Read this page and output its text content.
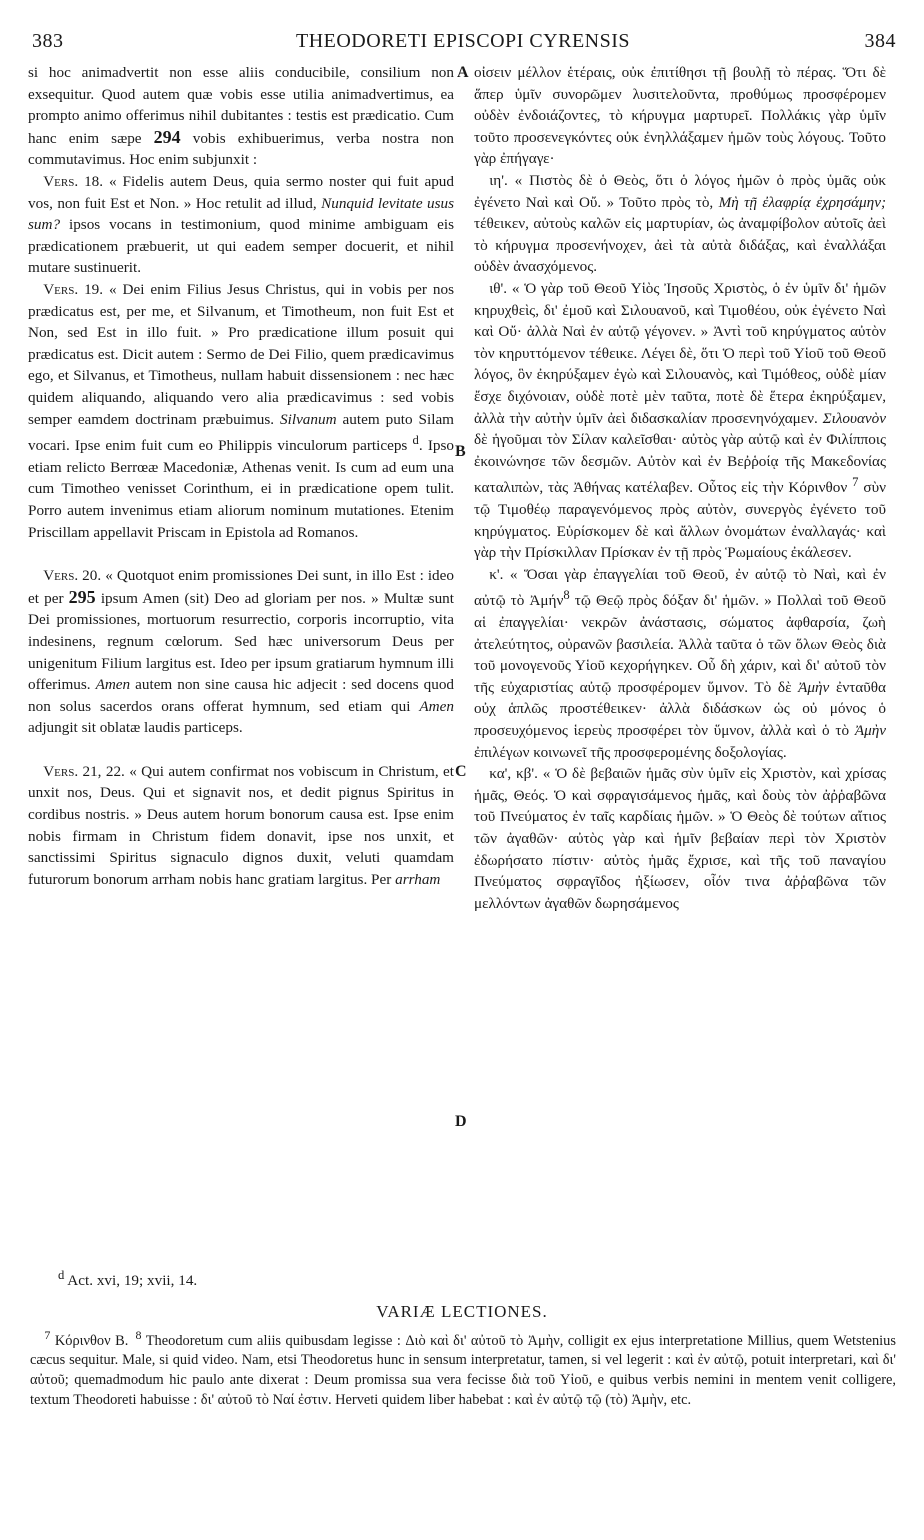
383	THEODORETI EPISCOPI CYRENSIS	384
A
B
C
D

si hoc animadvertit non esse aliis conducibile, consilium non exsequitur. Quod autem quæ vobis esse utilia animadvertimus, ea prompto animo offerimus nihil dubitantes : testis est prædicatio. Cum hanc enim sæpe 294 vobis exhibuerimus, verba nostra non commutavimus. Hoc enim subjunxit :

 Vers. 18. « Fidelis autem Deus, quia sermo noster qui fuit apud vos, non fuit Est et Non. » Hoc retulit ad illud, Nunquid levitate usus sum? ipsos vocans in testimonium, quod minime ambiguam eis prædicationem præbuerit, ut qui eadem semper docuerit, et nihil mutare sustinuerit.

 Vers. 19. « Dei enim Filius Jesus Christus, qui in vobis per nos prædicatus est, per me, et Silvanum, et Timotheum, non fuit Est et Non, sed Est in illo fuit. » Pro prædicatione illum posuit qui prædicatus est. Dicit autem : Sermo de Dei Filio, quem prædicavimus ego, et Silvanus, et Timotheus, nullam habuit dissensionem : nec hæc quidem aliquando, aliquando vero alia prædicavimus : sed vobis semper eamdem doctrinam præbuimus. Silvanum autem puto Silam vocari. Ipse enim fuit cum eo Philippis vinculorum particeps $^d$. Ipso etiam relicto Berrœæ Macedoniæ, Athenas venit. Is cum ad eum una cum Timotheo venisset Corinthum, ei in prædicatione opem tulit. Porro autem invenimus etiam aliorum nominum mutationes. Etenim Priscillam appellavit Priscam in Epistola ad Romanos.

 Vers. 20. « Quotquot enim promissiones Dei sunt, in illo Est : ideo et per 295 ipsum Amen (sit) Deo ad gloriam per nos. » Multæ sunt Dei promissiones, mortuorum resurrectio, corporis incorruptio, vita indesinens, regnum cœlorum. Sed hæc universorum Deus per unigenitum Filium largitus est. Ideo per ipsum gratiarum hymnum illi offerimus. Amen autem non sine causa hic adjecit : sed docens quod non solus sacerdos orans offerat hymnum, sed etiam qui Amen adjungit sit oblatæ laudis particeps.

 Vers. 21, 22. « Qui autem confirmat nos vobiscum in Christum, et unxit nos, Deus. Qui et signavit nos, et dedit pignus Spiritus in cordibus nostris. » Deus autem horum bonorum causa est. Ipse enim nobis firmam in Christum fidem donavit, ipse nos unxit, et sanctissimi Spiritus signaculo dignos duxit, veluti quamdam futurorum bonorum arrham nobis hanc gratiam largitus. Per arrham

οἰσειν μέλλον ἑτέραις, οὐκ ἐπιτίθησι τῇ βουλῇ τὸ πέρας. Ὅτι δὲ ἅπερ ὑμῖν συνορῶμεν λυσιτελοῦντα, προθύμως προσφέρομεν οὐδὲν ἐνδοιάζοντες, τὸ κήρυγμα μαρτυρεῖ. Πολλάκις γὰρ ὑμῖν τοῦτο προσενεγκόντες οὐκ ἐνηλλάξαμεν ἡμῶν τοὺς λόγους. Τοῦτο γὰρ ἐπήγαγε·

 ιη'. « Πιστὸς δὲ ὁ Θεὸς, ὅτι ὁ λόγος ἡμῶν ὁ πρὸς ὑμᾶς οὐκ ἐγένετο Ναὶ καὶ Οὔ. » Τοῦτο πρὸς τὸ, Μὴ τῇ ἐλαφρίᾳ ἐχρησάμην; τέθεικεν, αὐτοὺς καλῶν εἰς μαρτυρίαν, ὡς ἀναμφίβολον αὐτοῖς ἀεὶ τὸ κήρυγμα προσενήνοχεν, ἀεὶ τὰ αὐτὰ διδάξας, καὶ ἐναλλάξαι οὐδὲν ἀνασχόμενος.

 ιθ'. « Ὁ γὰρ τοῦ Θεοῦ Υἱὸς Ἰησοῦς Χριστὸς, ὁ ἐν ὑμῖν δι' ἡμῶν κηρυχθεὶς, δι' ἐμοῦ καὶ Σιλουανοῦ, καὶ Τιμοθέου, οὐκ ἐγένετο Ναὶ καὶ Οὔ· ἀλλὰ Ναὶ ἐν αὐτῷ γέγονεν. » Ἀντὶ τοῦ κηρύγματος αὐτὸν τὸν κηρυττόμενον τέθεικε. Λέγει δὲ, ὅτι Ὁ περὶ τοῦ Υἱοῦ τοῦ Θεοῦ λόγος, ὃν ἐκηρύξαμεν ἐγὼ καὶ Σιλουανὸς, καὶ Τιμόθεος, οὐδὲ μίαν ἔσχε διχόνοιαν, οὐδὲ ποτὲ μὲν ταῦτα, ποτὲ δὲ ἕτερα ἐκηρύξαμεν, ἀλλὰ τὴν αὐτὴν ὑμῖν ἀεὶ διδασκαλίαν προσενηνόχαμεν. Σιλουανὸν δὲ ἡγοῦμαι τὸν Σίλαν καλεῖσθαι· αὐτὸς γὰρ αὐτῷ καὶ ἐν Φιλίπποις ἐκοινώνησε τῶν δεσμῶν. Αὐτὸν καὶ ἐν Βεῤῥοίᾳ τῆς Μακεδονίας καταλιπὼν, τὰς Ἀθήνας κατέλαβεν. Οὗτος εἰς τὴν Κόρινθον $^7$ σὺν τῷ Τιμοθέῳ παραγενόμενος πρὸς αὐτὸν, συνεργὸς ἐγένετο τοῦ κηρύγματος. Εὑρίσκομεν δὲ καὶ ἄλλων ὀνομάτων ἐναλλαγάς· καὶ γὰρ τὴν Πρίσκιλλαν Πρίσκαν ἐν τῇ πρὸς Ῥωμαίους ἐκάλεσεν.

 κ'. « Ὅσαι γὰρ ἐπαγγελίαι τοῦ Θεοῦ, ἐν αὐτῷ τὸ Ναὶ, καὶ ἐν αὐτῷ τὸ Ἀμήν$^8$ τῷ Θεῷ πρὸς δόξαν δι' ἡμῶν. » Πολλαὶ τοῦ Θεοῦ αἱ ἐπαγγελίαι· νεκρῶν ἀνάστασις, σώματος ἀφθαρσία, ζωὴ ἀτελεύτητος, οὐρανῶν βασιλεία. Ἀλλὰ ταῦτα ὁ τῶν ὅλων Θεὸς διὰ τοῦ μονογενοῦς Υἱοῦ κεχορήγηκεν. Οὗ δὴ χάριν, καὶ δι' αὐτοῦ τὸν τῆς εὐχαριστίας αὐτῷ προσφέρομεν ὕμνον. Τὸ δὲ Ἀμὴν ἐνταῦθα οὐχ ἁπλῶς προστέθεικεν· ἀλλὰ διδάσκων ὡς οὐ μόνος ὁ προσευχόμενος ἱερεὺς προσφέρει τὸν ὕμνον, ἀλλὰ καὶ ὁ τὸ Ἀμὴν ἐπιλέγων κοινωνεῖ τῆς προσφερομένης δοξολογίας.

 κα', κβ'. « Ὁ δὲ βεβαιῶν ἡμᾶς σὺν ὑμῖν εἰς Χριστὸν, καὶ χρίσας ἡμᾶς, Θεός. Ὁ καὶ σφραγισάμενος ἡμᾶς, καὶ δοὺς τὸν ἀῤῥαβῶνα τοῦ Πνεύματος ἐν ταῖς καρδίαις ἡμῶν. » Ὁ Θεὸς δὲ τούτων αἴτιος τῶν ἀγαθῶν· αὐτὸς γὰρ καὶ ἡμῖν βεβαίαν περὶ τὸν Χριστὸν ἐδωρήσατο πίστιν· αὐτὸς ἡμᾶς ἔχρισε, καὶ τῆς τοῦ παναγίου Πνεύματος σφραγῖδος ἠξίωσεν, οἷόν τινα ἀῤῥαβῶνα τῶν μελλόντων ἀγαθῶν δωρησάμενος

$^d$ Act. xvi, 19; xvii, 14.
VARIÆ LECTIONES.

 $^7$ Κόρινθον B.  $^8$ Theodoretum cum aliis quibusdam legisse : Διὸ καὶ δι' αὐτοῦ τὸ Ἀμὴν, colligit ex ejus interpretatione Millius, quem Wetstenius cæcus sequitur. Male, si quid video. Nam, etsi Theodoretus hunc in sensum interpretatur, tamen, si vel legerit : καὶ ἐν αὐτῷ, potuit interpretari, καὶ δι' αὐτοῦ; quemadmodum hic paulo ante dixerat : Deum promissa sua vera fecisse διὰ τοῦ Υἱοῦ, e quibus verbis nemini in mentem venit colligere, textum Theodoreti habuisse : δι' αὐτοῦ τὸ Ναί ἐστιν. Herveti quidem liber habebat : καὶ ἐν αὐτῷ τῷ (τὸ) Ἀμὴν, etc.
